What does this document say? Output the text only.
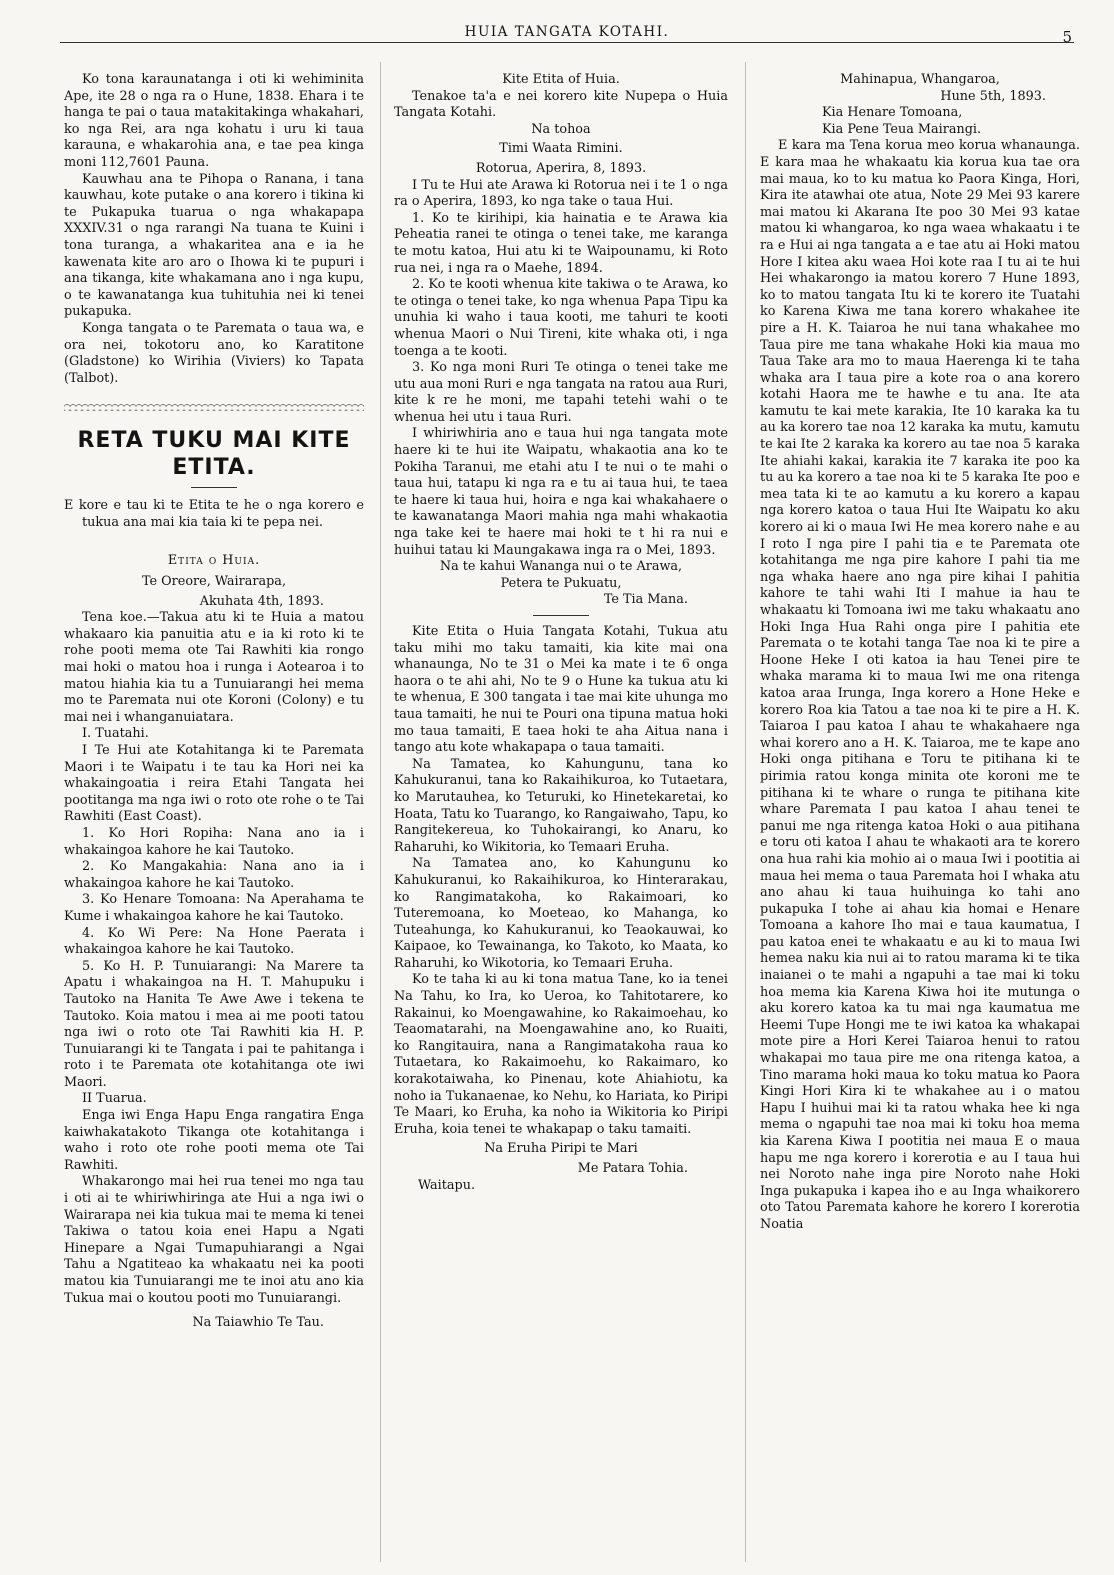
HUIA TANGATA KOTAHI.	5

Ko tona karaunatanga i oti ki wehiminita Ape, ite 28 o nga ra o Hune, 1838. Ehara i te hanga te pai o taua matakitakinga whakahari, ko nga Rei, ara nga kohatu i uru ki taua karauna, e whakarohia ana, e tae pea kinga moni 112,7601 Pauna.

Kauwhau ana te Pihopa o Ranana, i tana kauwhau, kote putake o ana korero i tikina ki te Pukapuka tuarua o nga whakapapa XXXIV.31 o nga rarangi Na tuana te Kuini i tona turanga, a whakaritea ana e ia he kawenata kite aro aro o Ihowa ki te pupuri i ana tikanga, kite whakamana ano i nga kupu, o te kawanatanga kua tuhituhia nei ki tenei pukapuka.

Konga tangata o te Paremata o taua wa, e ora nei, tokotoru ano, ko Karatitone (Gladstone) ko Wirihia (Viviers) ko Tapata (Talbot).

RETA TUKU MAI KITE ETITA.

E kore e tau ki te Etita te he o nga korero e tukua ana mai kia taia ki te pepa nei.

Etita o Huia.

Te Oreore, Wairarapa,

Akuhata 4th, 1893.

Tena koe.—Takua atu ki te Huia a matou whakaaro kia panuitia atu e ia ki roto ki te rohe pooti mema ote Tai Rawhiti kia rongo mai hoki o matou hoa i runga i Aotearoa i to matou hiahia kia tu a Tunuiarangi hei mema mo te Paremata nui ote Koroni (Colony) e tu mai nei i whanganuiatara.

I. Tuatahi.

I Te Hui ate Kotahitanga ki te Paremata Maori i te Waipatu i te tau ka Hori nei ka whakaingoatia i reira Etahi Tangata hei pootitanga ma nga iwi o roto ote rohe o te Tai Rawhiti (East Coast).

1. Ko Hori Ropiha: Nana ano ia i whakaingoa kahore he kai Tautoko.

2. Ko Mangakahia: Nana ano ia i whakaingoa kahore he kai Tautoko.

3. Ko Henare Tomoana: Na Aperahama te Kume i whakaingoa kahore he kai Tautoko.

4. Ko Wi Pere: Na Hone Paerata i whakaingoa kahore he kai Tautoko.

5. Ko H. P. Tunuiarangi: Na Marere ta Apatu i whakaingoa na H. T. Mahupuku i Tautoko na Hanita Te Awe Awe i tekena te Tautoko. Koia matou i mea ai me pooti tatou nga iwi o roto ote Tai Rawhiti kia H. P. Tunuiarangi ki te Tangata i pai te pahitanga i roto i te Paremata ote kotahitanga ote iwi Maori.

II Tuarua.

Enga iwi Enga Hapu Enga rangatira Enga kaiwhakatakoto Tikanga ote kotahitanga i waho i roto ote rohe pooti mema ote Tai Rawhiti.

Whakarongo mai hei rua tenei mo nga tau i oti ai te whiriwhiringa ate Hui a nga iwi o Wairarapa nei kia tukua mai te mema ki tenei Takiwa o tatou koia enei Hapu a Ngati Hinepare a Ngai Tumapuhiarangi a Ngai Tahu a Ngatiteao ka whakaatu nei ka pooti matou kia Tunuiarangi me te inoi atu ano kia Tukua mai o koutou pooti mo Tunuiarangi.

Na Taiawhio Te Tau.

Kite Etita of Huia.

Tenakoe ta'a e nei korero kite Nupepa o Huia Tangata Kotahi.

Na tohoa

Timi Waata Rimini.

Rotorua, Aperira, 8, 1893.

I Tu te Hui ate Arawa ki Rotorua nei i te 1 o nga ra o Aperira, 1893, ko nga take o taua Hui.

1. Ko te kirihipi, kia hainatia e te Arawa kia Peheatia ranei te otinga o tenei take, me karanga te motu katoa, Hui atu ki te Waipounamu, ki Roto rua nei, i nga ra o Maehe, 1894.

2. Ko te kooti whenua kite takiwa o te Arawa, ko te otinga o tenei take, ko nga whenua Papa Tipu ka unuhia ki waho i taua kooti, me tahuri te kooti whenua Maori o Nui Tireni, kite whaka oti, i nga toenga a te kooti.

3. Ko nga moni Ruri Te otinga o tenei take me utu aua moni Ruri e nga tangata na ratou aua Ruri, kite k re he moni, me tapahi tetehi wahi o te whenua hei utu i taua Ruri.

I whiriwhiria ano e taua hui nga tangata mote haere ki te hui ite Waipatu, whakaotia ana ko te Pokiha Taranui, me etahi atu I te nui o te mahi o taua hui, tatapu ki nga ra e tu ai taua hui, te taea te haere ki taua hui, hoira e nga kai whakahaere o te kawanatanga Maori mahia nga mahi whakaotia nga take kei te haere mai hoki te t hi ra nui e huihui tatau ki Maungakawa inga ra o Mei, 1893.

Na te kahui Wananga nui o te Arawa,

Petera te Pukuatu,

Te Tia Mana.

Kite Etita o Huia Tangata Kotahi, Tukua atu taku mihi mo taku tamaiti, kia kite mai ona whanaunga, No te 31 o Mei ka mate i te 6 onga haora o te ahi ahi, No te 9 o Hune ka tukua atu ki te whenua, E 300 tangata i tae mai kite uhunga mo taua tamaiti, he nui te Pouri ona tipuna matua hoki mo taua tamaiti, E taea hoki te aha Aitua nana i tango atu kote whakapapa o taua tamaiti.

Na Tamatea, ko Kahungunu, tana ko Kahukuranui, tana ko Rakaihikuroa, ko Tutaetara, ko Marutauhea, ko Teturuki, ko Hinetekaretai, ko Hoata, Tatu ko Tuarango, ko Rangaiwaho, Tapu, ko Rangitekereua, ko Tuhokairangi, ko Anaru, ko Raharuhi, ko Wikitoria, ko Temaari Eruha.

Na Tamatea ano, ko Kahungunu ko Kahukuranui, ko Rakaihikuroa, ko Hinterarakau, ko Rangimatakoha, ko Rakaimoari, ko Tuteremoana, ko Moeteao, ko Mahanga, ko Tuteahunga, ko Kahukuranui, ko Teaokauwai, ko Kaipaoe, ko Tewainanga, ko Takoto, ko Maata, ko Raharuhi, ko Wikotoria, ko Temaari Eruha.

Ko te taha ki au ki tona matua Tane, ko ia tenei Na Tahu, ko Ira, ko Ueroa, ko Tahitotarere, ko Rakainui, ko Moengawahine, ko Rakaimoehau, ko Teaomatarahi, na Moengawahine ano, ko Ruaiti, ko Rangitauira, nana a Rangimatakoha raua ko Tutaetara, ko Rakaimoehu, ko Rakaimaro, ko korakotaiwaha, ko Pinenau, kote Ahiahiotu, ka noho ia Tukanaenae, ko Nehu, ko Hariata, ko Piripi Te Maari, ko Eruha, ka noho ia Wikitoria ko Piripi Eruha, koia tenei te whakapap o taku tamaiti.

Na Eruha Piripi te Mari

Me Patara Tohia.

Waitapu.

Mahinapua, Whangaroa,

Hune 5th, 1893.

Kia Henare Tomoana,

Kia Pene Teua Mairangi.

E kara ma Tena korua meo korua whanaunga. E kara maa he whakaatu kia korua kua tae ora mai maua, ko to ku matua ko Paora Kinga, Hori, Kira ite atawhai ote atua, Note 29 Mei 93 karere mai matou ki Akarana Ite poo 30 Mei 93 katae matou ki whangaroa, ko nga waea whakaatu i te ra e Hui ai nga tangata a e tae atu ai Hoki matou Hore I kitea aku waea Hoi kote raa I tu ai te hui Hei whakarongo ia matou korero 7 Hune 1893, ko to matou tangata Itu ki te korero ite Tuatahi ko Karena Kiwa me tana korero whakahee ite pire a H. K. Taiaroa he nui tana whakahee mo Taua pire me tana whakahe Hoki kia maua mo Taua Take ara mo to maua Haerenga ki te taha whaka ara I taua pire a kote roa o ana korero kotahi Haora me te hawhe e tu ana. Ite ata kamutu te kai mete karakia, Ite 10 karaka ka tu au ka korero tae noa 12 karaka ka mutu, kamutu te kai Ite 2 karaka ka korero au tae noa 5 karaka Ite ahiahi kakai, karakia ite 7 karaka ite poo ka tu au ka korero a tae noa ki te 5 karaka Ite poo e mea tata ki te ao kamutu a ku korero a kapau nga korero katoa o taua Hui Ite Waipatu ko aku korero ai ki o maua Iwi He mea korero nahe e au I roto I nga pire I pahi tia e te Paremata ote kotahitanga me nga pire kahore I pahi tia me nga whaka haere ano nga pire kihai I pahitia kahore te tahi wahi Iti I mahue ia hau te whakaatu ki Tomoana iwi me taku whakaatu ano Hoki Inga Hua Rahi onga pire I pahitia ete Paremata o te kotahi tanga Tae noa ki te pire a Hoone Heke I oti katoa ia hau Tenei pire te whaka marama ki to maua Iwi me ona ritenga katoa araa Irunga, Inga korero a Hone Heke e korero Roa kia Tatou a tae noa ki te pire a H. K. Taiaroa I pau katoa I ahau te whakahaere nga whai korero ano a H. K. Taiaroa, me te kape ano Hoki onga pitihana e Toru te pitihana ki te pirimia ratou konga minita ote koroni me te pitihana ki te whare o runga te pitihana kite whare Paremata I pau katoa I ahau tenei te panui me nga ritenga katoa Hoki o aua pitihana e toru oti katoa I ahau te whakaoti ara te korero ona hua rahi kia mohio ai o maua Iwi i pootitia ai maua hei mema o taua Paremata hoi I whaka atu ano ahau ki taua huihuinga ko tahi ano pukapuka I tohe ai ahau kia homai e Henare Tomoana a kahore Iho mai e taua kaumatua, I pau katoa enei te whakaatu e au ki to maua Iwi hemea naku kia nui ai to ratou marama ki te tika inaianei o te mahi a ngapuhi a tae mai ki toku hoa mema kia Karena Kiwa hoi ite mutunga o aku korero katoa ka tu mai nga kaumatua me Heemi Tupe Hongi me te iwi katoa ka whakapai mote pire a Hori Kerei Taiaroa henui to ratou whakapai mo taua pire me ona ritenga katoa, a Tino marama hoki maua ko toku matua ko Paora Kingi Hori Kira ki te whakahee au i o matou Hapu I huihui mai ki ta ratou whaka hee ki nga mema o ngapuhi tae noa mai ki toku hoa mema kia Karena Kiwa I pootitia nei maua E o maua hapu me nga korero i korerotia e au I taua hui nei Noroto nahe inga pire Noroto nahe Hoki Inga pukapuka i kapea iho e au Inga whaikorero oto Tatou Paremata kahore he korero I korerotia Noatia
